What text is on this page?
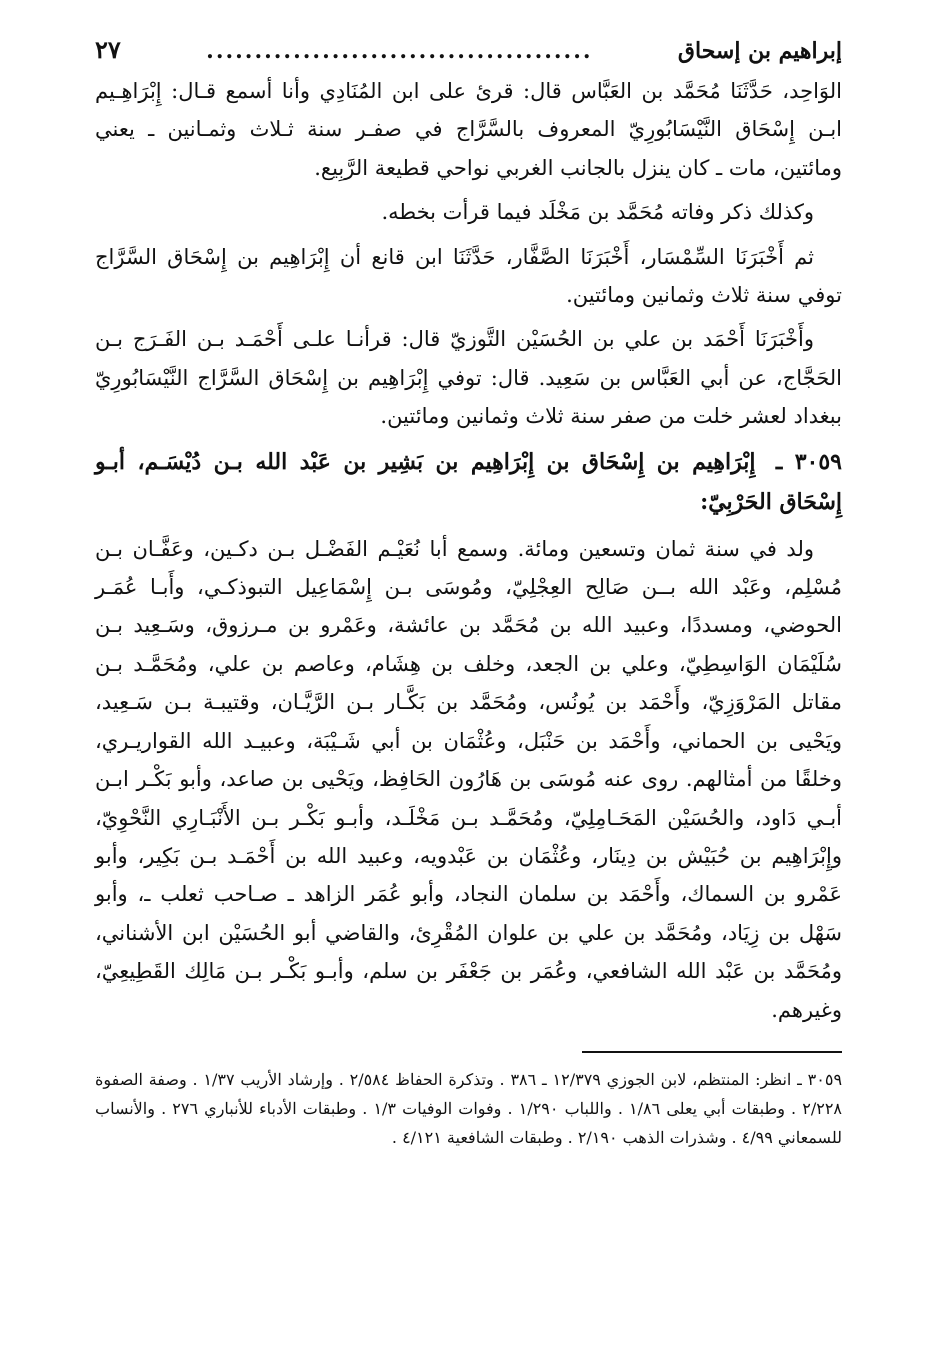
إبراهيم بن إسحاق
........................................
٢٧

الوَاحِد، حَدَّثَنَا مُحَمَّد بن العَبَّاس قال: قرئ على ابن المُنَادِي وأنا أسمع قـال: إِبْرَاهِـيم ابـن إِسْحَاق النَّيْسَابُورِيّ المعروف بالسَّرَّاج في صفـر سنة ثـلاث وثمـانين ـ يعني ومائتين، مات ـ كان ينزل بالجانب الغربي نواحي قطيعة الرَّبِيع.

وكذلك ذكر وفاته مُحَمَّد بن مَخْلَد فيما قرأت بخطه.

ثم أَخْبَرَنَا السِّمْسَار، أَخْبَرَنَا الصَّفَّار، حَدَّثَنَا ابن قانع أن إِبْرَاهِيم بن إِسْحَاق السَّرَّاج توفي سنة ثلاث وثمانين ومائتين.

وأَخْبَرَنَا أَحْمَد بن علي بن الحُسَيْن التَّوزيّ قال: قرأنـا علـى أَحْمَـد بـن الفَـرَج بـن الحَجَّاج، عن أبي العَبَّاس بن سَعِيد. قال: توفي إِبْرَاهِيم بن إِسْحَاق السَّرَّاج النَّيْسَابُورِيّ ببغداد لعشر خلت من صفر سنة ثلاث وثمانين ومائتين.

٣٠٥٩ ـ إِبْرَاهِيم بن إِسْحَاق بن إِبْرَاهِيم بن بَشِير بن عَبْد الله بـن دُيْسَـم، أبـو إِسْحَاق الحَرْبِيّ:

ولد في سنة ثمان وتسعين ومائة. وسمع أبا نُعَيْـم الفَضْـل بـن دكـين، وعَفَّـان بـن مُسْلِم، وعَبْد الله بــن صَالِح العِجْلِيّ، ومُوسَى بـن إِسْمَاعِيل التبوذكـي، وأَبـا عُمَـر الحوضي، ومسددًا، وعبيد الله بن مُحَمَّد بن عائشة، وعَمْرو بن مـرزوق، وسَـعِيد بـن سُلَيْمَان الوَاسِطِيّ، وعلي بن الجعد، وخلف بن هِشَام، وعاصم بن علي، ومُحَمَّـد بـن مقاتل المَرْوَزِيّ، وأَحْمَد بن يُونُس، ومُحَمَّد بن بَكَّـار بـن الرَّيَّـان، وقتيبـة بـن سَـعِيد، ويَحْيى بن الحماني، وأَحْمَد بن حَنْبَل، وعُثْمَان بن أبي شَـيْبَة، وعبيـد الله القواريـري، وخلقًا من أمثالهم. روى عنه مُوسَى بن هَارُون الحَافِظ، ويَحْيى بن صاعد، وأبو بَكْـر ابـن أبـي دَاود، والحُسَيْن المَحَـامِلِيّ، ومُحَمَّـد بـن مَخْلَـد، وأبـو بَكْـر بـن الأَنْبَـارِي النَّحْوِيّ، وإِبْرَاهِيم بن حُبَيْش بن دِينَار، وعُثْمَان بن عَبْدويه، وعبيد الله بن أَحْمَـد بـن بَكِير، وأبو عَمْرو بن السماك، وأَحْمَد بن سلمان النجاد، وأبو عُمَر الزاهد ـ صـاحب ثعلب ـ، وأبو سَهْل بن زِيَاد، ومُحَمَّد بن علي بن علوان المُقْرِئ، والقاضي أبو الحُسَيْن ابن الأشناني، ومُحَمَّد بن عَبْد الله الشافعي، وعُمَر بن جَعْفَر بن سلم، وأبـو بَكْـر بـن مَالِك القَطِيعِيّ، وغيرهم.

٣٠٥٩ ـ انظر: المنتظم، لابن الجوزي ١٢/٣٧٩ ـ ٣٨٦ . وتذكرة الحفاظ ٢/٥٨٤ . وإرشاد الأريب ١/٣٧ . وصفة الصفوة ٢/٢٢٨ . وطبقات أبي يعلى ١/٨٦ . واللباب ١/٢٩٠ . وفوات الوفيات ١/٣ . وطبقات الأدباء للأنباري ٢٧٦ . والأنساب للسمعاني ٤/٩٩ . وشذرات الذهب ٢/١٩٠ . وطبقات الشافعية ٤/١٢١ .
